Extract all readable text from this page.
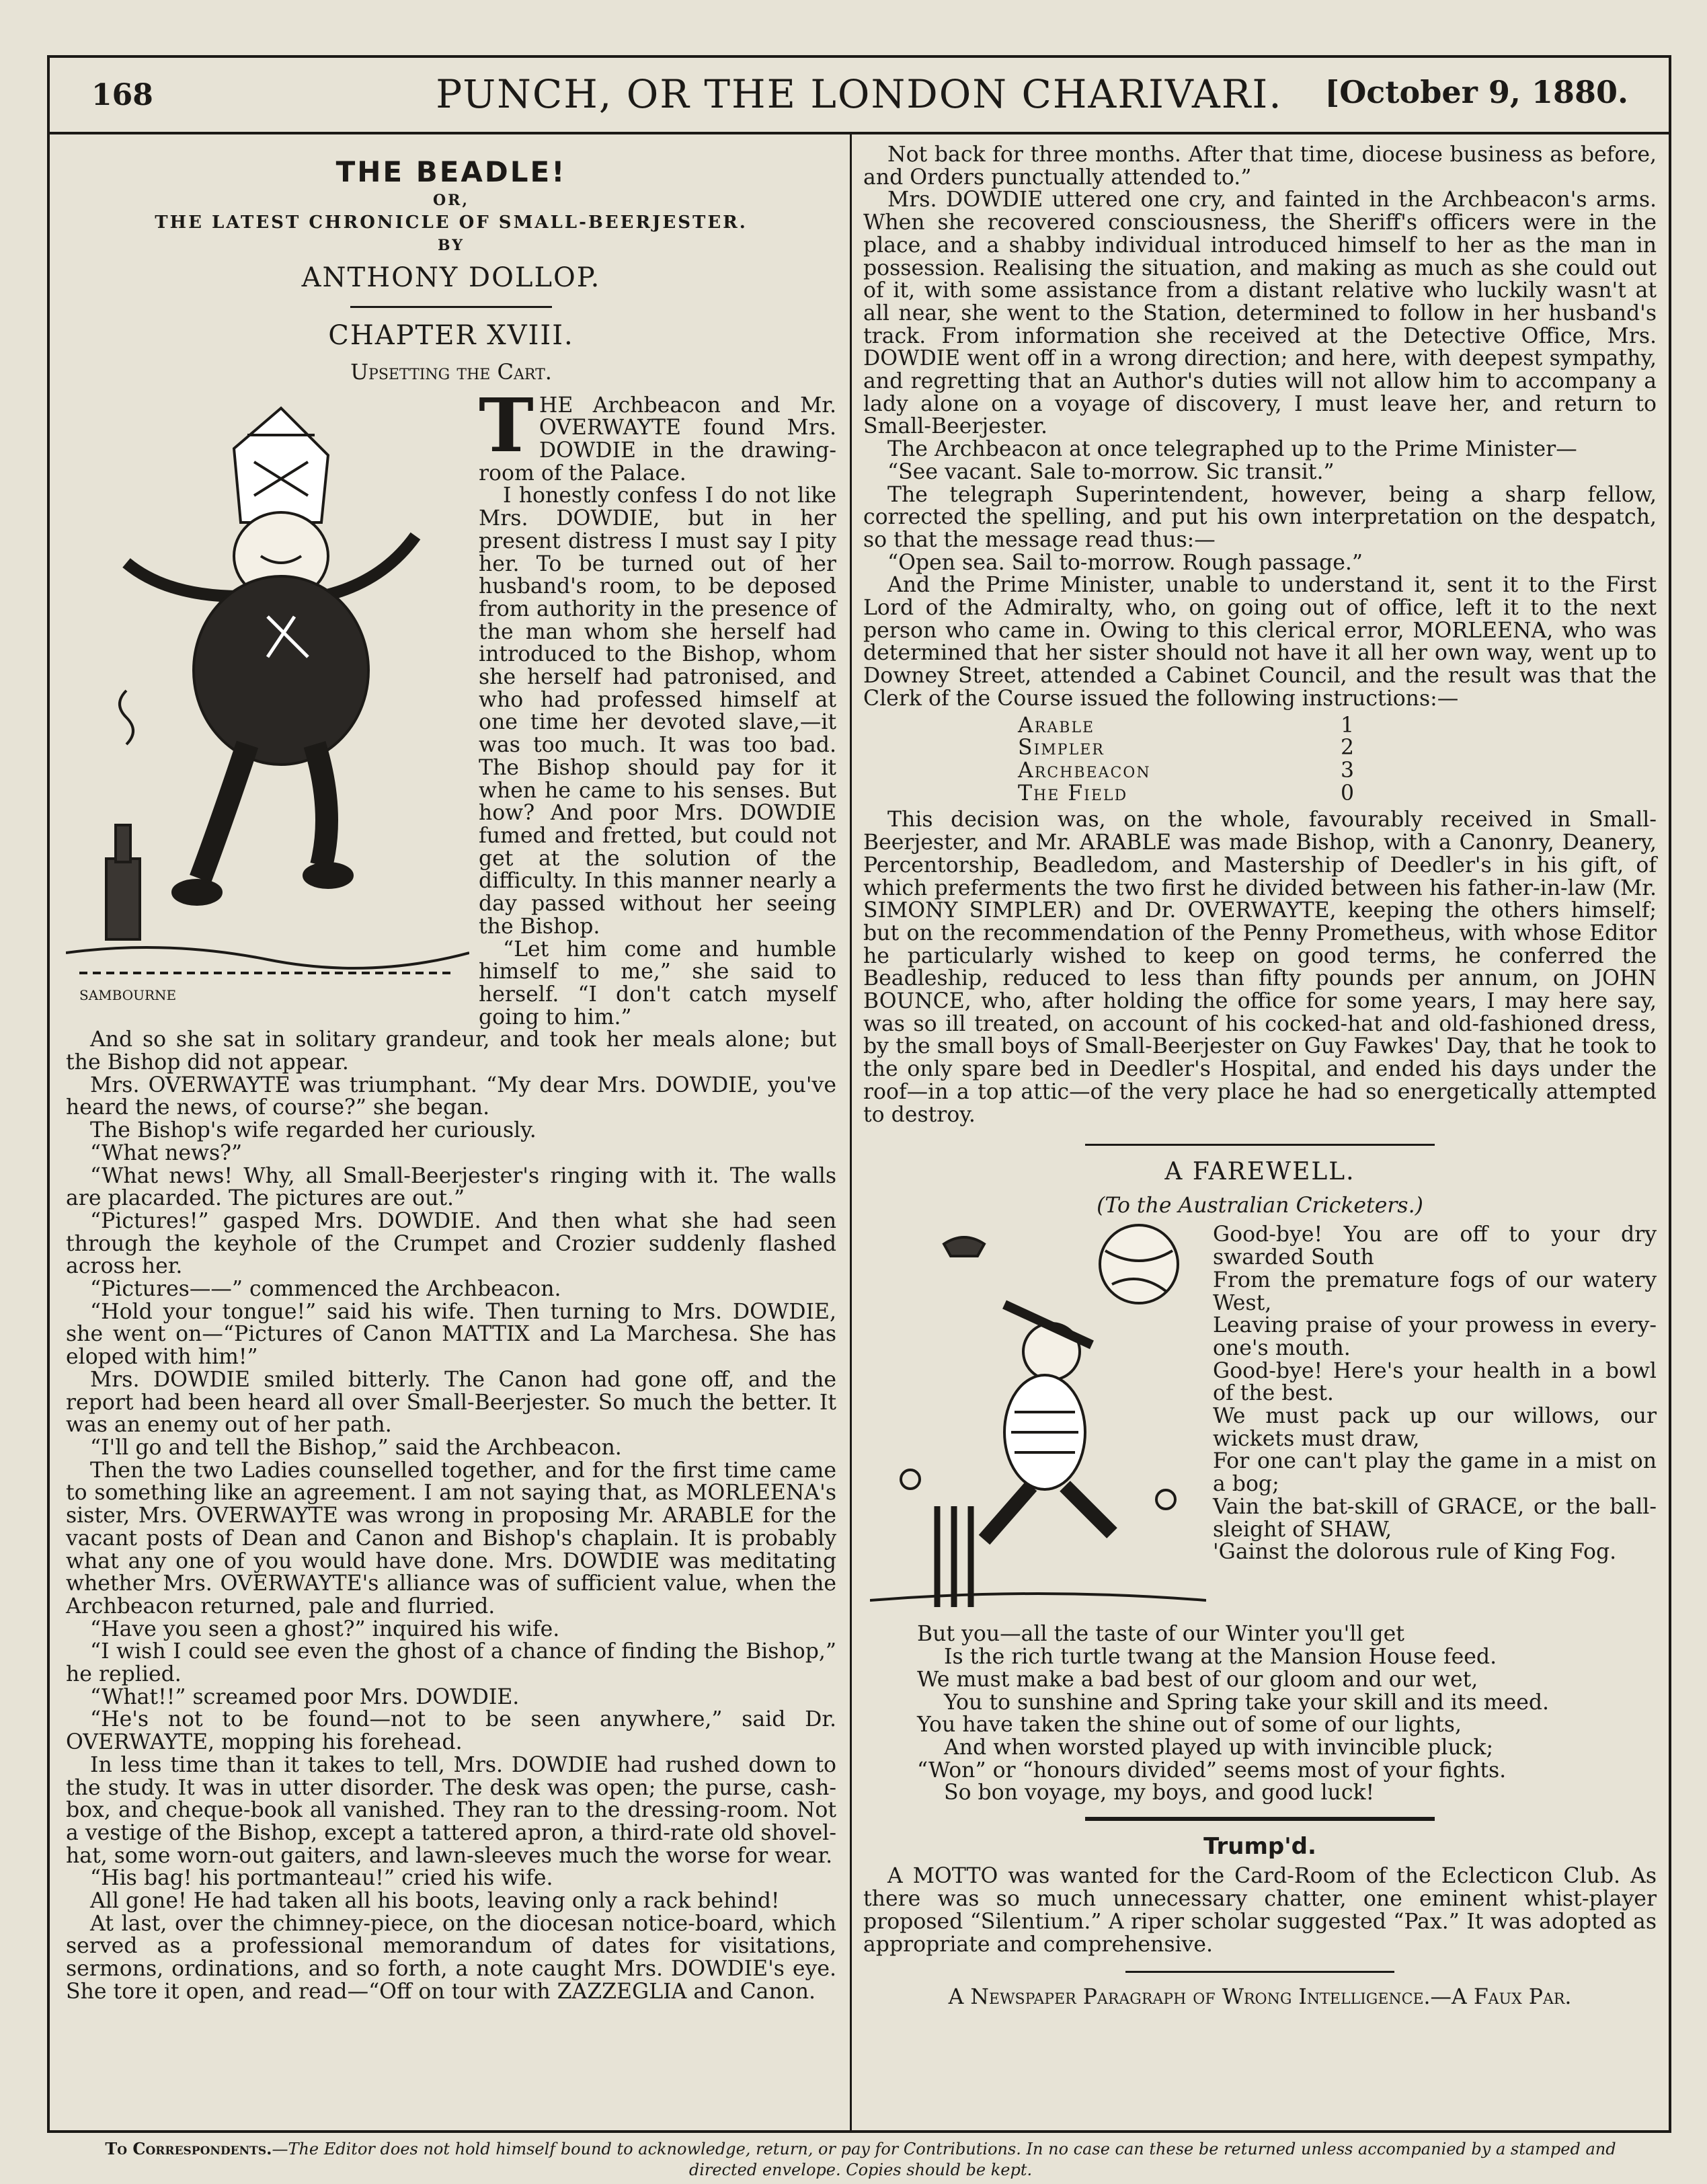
168	PUNCH, OR THE LONDON CHARIVARI.	[October 9, 1880.
THE BEADLE!
OR,
THE LATEST CHRONICLE OF SMALL-BEERJESTER.
BY
ANTHONY DOLLOP.
CHAPTER XVIII.
Upsetting the Cart.
SAMBOURNE
T HE Archbeacon and Mr. OVERWAYTE found Mrs. DOWDIE in the drawing-room of the Palace.

I honestly confess I do not like Mrs. DOWDIE, but in her present distress I must say I pity her. To be turned out of her husband's room, to be deposed from authority in the presence of the man whom she herself had introduced to the Bishop, whom she herself had patronised, and who had professed himself at one time her devoted slave,—it was too much. It was too bad. The Bishop should pay for it when he came to his senses. But how? And poor Mrs. DOWDIE fumed and fretted, but could not get at the solution of the difficulty. In this manner nearly a day passed without her seeing the Bishop.

“Let him come and humble himself to me,” she said to herself. “I don't catch myself going to him.”

And so she sat in solitary grandeur, and took her meals alone; but the Bishop did not appear.

Mrs. OVERWAYTE was triumphant. “My dear Mrs. DOWDIE, you've heard the news, of course?” she began.

The Bishop's wife regarded her curiously.

“What news?”

“What news! Why, all Small-Beerjester's ringing with it. The walls are placarded. The pictures are out.”

“Pictures!” gasped Mrs. DOWDIE. And then what she had seen through the keyhole of the Crumpet and Crozier suddenly flashed across her.

“Pictures——” commenced the Archbeacon.

“Hold your tongue!” said his wife. Then turning to Mrs. DOWDIE, she went on—“Pictures of Canon MATTIX and La Marchesa. She has eloped with him!”

Mrs. DOWDIE smiled bitterly. The Canon had gone off, and the report had been heard all over Small-Beerjester. So much the better. It was an enemy out of her path.

“I'll go and tell the Bishop,” said the Archbeacon.

Then the two Ladies counselled together, and for the first time came to something like an agreement. I am not saying that, as MORLEENA's sister, Mrs. OVERWAYTE was wrong in proposing Mr. ARABLE for the vacant posts of Dean and Canon and Bishop's chaplain. It is probably what any one of you would have done. Mrs. DOWDIE was meditating whether Mrs. OVERWAYTE's alliance was of sufficient value, when the Archbeacon returned, pale and flurried.

“Have you seen a ghost?” inquired his wife.

“I wish I could see even the ghost of a chance of finding the Bishop,” he replied.

“What!!” screamed poor Mrs. DOWDIE.

“He's not to be found—not to be seen anywhere,” said Dr. OVERWAYTE, mopping his forehead.

In less time than it takes to tell, Mrs. DOWDIE had rushed down to the study. It was in utter disorder. The desk was open; the purse, cash-box, and cheque-book all vanished. They ran to the dressing-room. Not a vestige of the Bishop, except a tattered apron, a third-rate old shovel-hat, some worn-out gaiters, and lawn-sleeves much the worse for wear.

“His bag! his portmanteau!” cried his wife.

All gone! He had taken all his boots, leaving only a rack behind!

At last, over the chimney-piece, on the diocesan notice-board, which served as a professional memorandum of dates for visitations, sermons, ordinations, and so forth, a note caught Mrs. DOWDIE's eye. She tore it open, and read—“Off on tour with ZAZZEGLIA and Canon.

Not back for three months. After that time, diocese business as before, and Orders punctually attended to.”

Mrs. DOWDIE uttered one cry, and fainted in the Archbeacon's arms. When she recovered consciousness, the Sheriff's officers were in the place, and a shabby individual introduced himself to her as the man in possession. Realising the situation, and making as much as she could out of it, with some assistance from a distant relative who luckily wasn't at all near, she went to the Station, determined to follow in her husband's track. From information she received at the Detective Office, Mrs. DOWDIE went off in a wrong direction; and here, with deepest sympathy, and regretting that an Author's duties will not allow him to accompany a lady alone on a voyage of discovery, I must leave her, and return to Small-Beerjester.

The Archbeacon at once telegraphed up to the Prime Minister—

“See vacant. Sale to-morrow. Sic transit.”

The telegraph Superintendent, however, being a sharp fellow, corrected the spelling, and put his own interpretation on the despatch, so that the message read thus:—

“Open sea. Sail to-morrow. Rough passage.”

And the Prime Minister, unable to understand it, sent it to the First Lord of the Admiralty, who, on going out of office, left it to the next person who came in. Owing to this clerical error, MORLEENA, who was determined that her sister should not have it all her own way, went up to Downey Street, attended a Cabinet Council, and the result was that the Clerk of the Course issued the following instructions:—

Arable	1
Simpler	2
Archbeacon	3
The Field	0

This decision was, on the whole, favourably received in Small-Beerjester, and Mr. ARABLE was made Bishop, with a Canonry, Deanery, Percentorship, Beadledom, and Mastership of Deedler's in his gift, of which preferments the two first he divided between his father-in-law (Mr. SIMONY SIMPLER) and Dr. OVERWAYTE, keeping the others himself; but on the recommendation of the Penny Prometheus, with whose Editor he particularly wished to keep on good terms, he conferred the Beadleship, reduced to less than fifty pounds per annum, on JOHN BOUNCE, who, after holding the office for some years, I may here say, was so ill treated, on account of his cocked-hat and old-fashioned dress, by the small boys of Small-Beerjester on Guy Fawkes' Day, that he took to the only spare bed in Deedler's Hospital, and ended his days under the roof—in a top attic—of the very place he had so energetically attempted to destroy.

A FAREWELL.
(To the Australian Cricketers.)
Good-bye! You are off to your dry swarded South
From the premature fogs of our watery West,
Leaving praise of your prowess in every-one's mouth.
Good-bye! Here's your health in a bowl of the best.
We must pack up our willows, our wickets must draw,
For one can't play the game in a mist on a bog;
Vain the bat-skill of GRACE, or the ball-sleight of SHAW,
'Gainst the dolorous rule of King Fog.
But you—all the taste of our Winter you'll get
Is the rich turtle twang at the Mansion House feed.
We must make a bad best of our gloom and our wet,
You to sunshine and Spring take your skill and its meed.
You have taken the shine out of some of our lights,
And when worsted played up with invincible pluck;
“Won” or “honours divided” seems most of your fights.
So bon voyage, my boys, and good luck!
Trump'd.

A MOTTO was wanted for the Card-Room of the Eclecticon Club. As there was so much unnecessary chatter, one eminent whist-player proposed “Silentium.” A riper scholar suggested “Pax.” It was adopted as appropriate and comprehensive.

A Newspaper Paragraph of Wrong Intelligence.—A Faux Par.

To Correspondents.—The Editor does not hold himself bound to acknowledge, return, or pay for Contributions. In no case can these be returned unless accompanied by a stamped and directed envelope. Copies should be kept.
